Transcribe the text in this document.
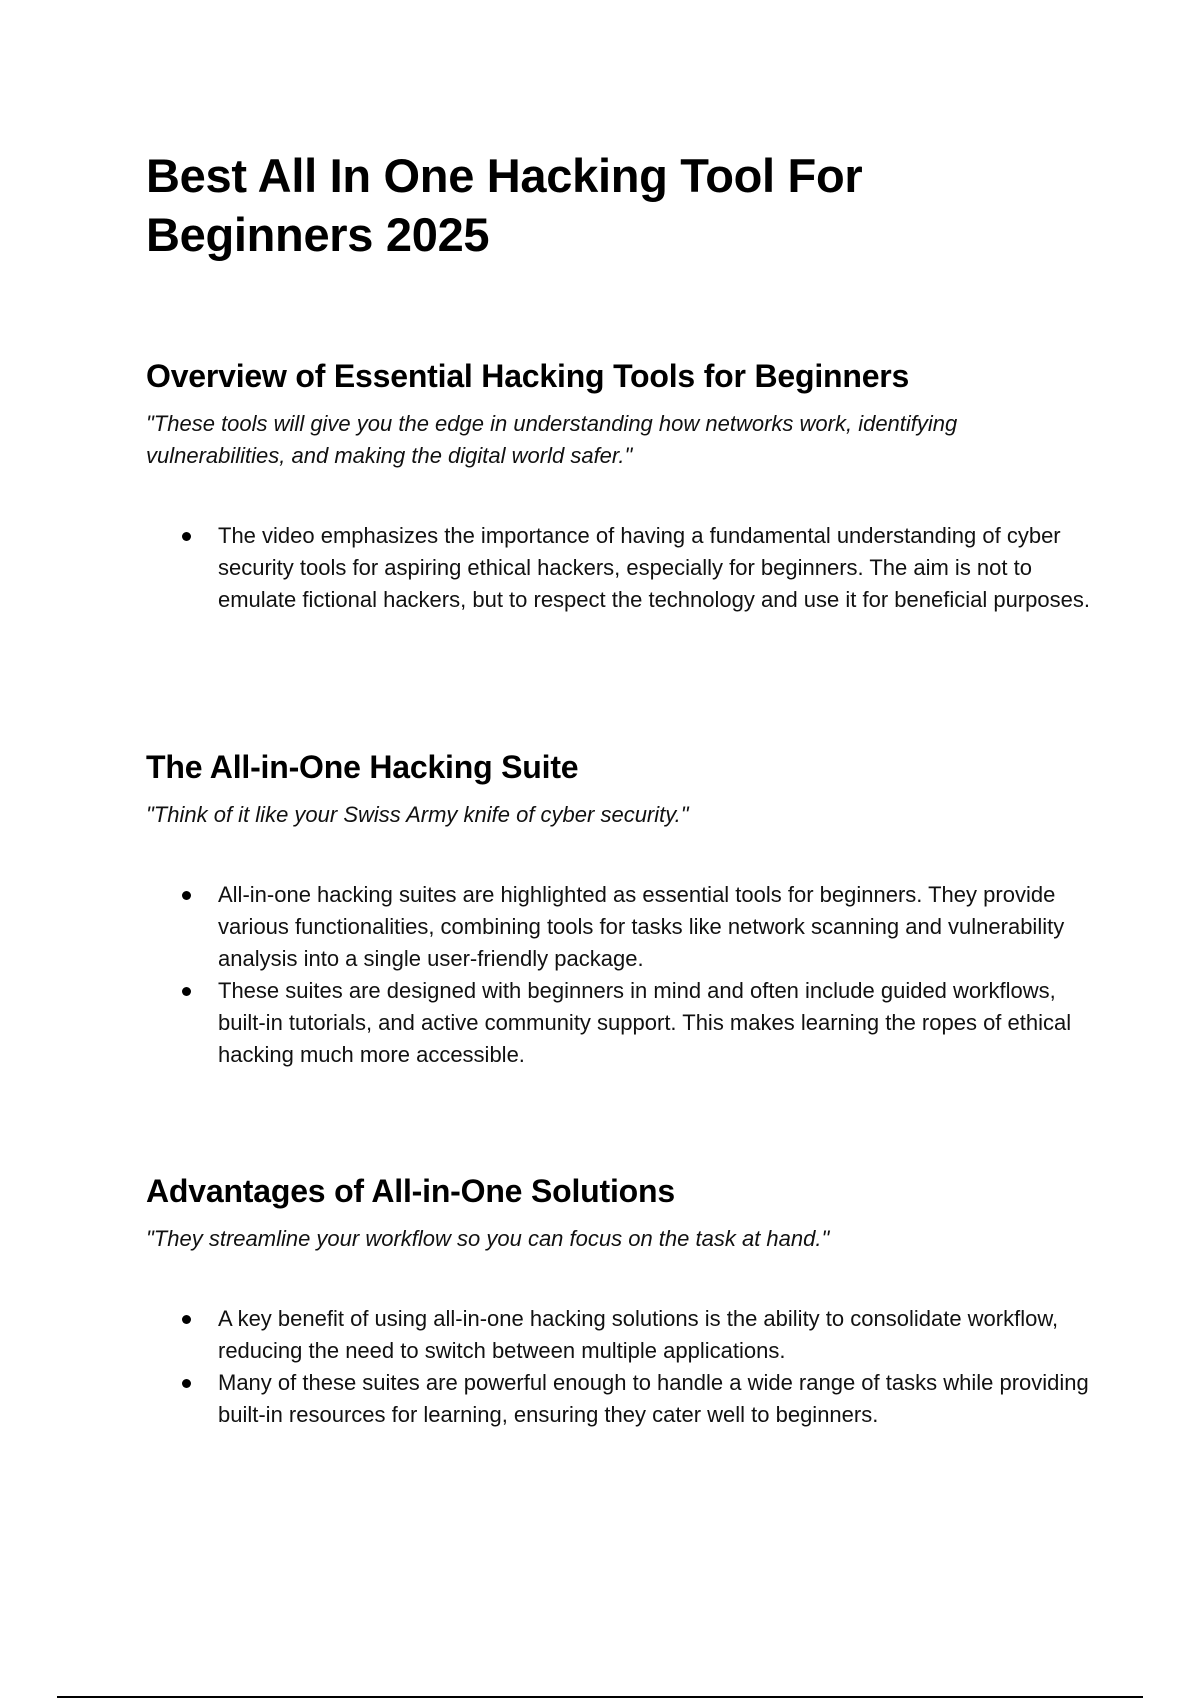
Best All In One Hacking Tool For Beginners 2025
Overview of Essential Hacking Tools for Beginners

"These tools will give you the edge in understanding how networks work, identifying vulnerabilities, and making the digital world safer."

The video emphasizes the importance of having a fundamental understanding of cyber security tools for aspiring ethical hackers, especially for beginners. The aim is not to emulate fictional hackers, but to respect the technology and use it for beneficial purposes.
The All-in-One Hacking Suite

"Think of it like your Swiss Army knife of cyber security."

All-in-one hacking suites are highlighted as essential tools for beginners. They provide various functionalities, combining tools for tasks like network scanning and vulnerability analysis into a single user-friendly package.
These suites are designed with beginners in mind and often include guided workflows, built-in tutorials, and active community support. This makes learning the ropes of ethical hacking much more accessible.
Advantages of All-in-One Solutions

"They streamline your workflow so you can focus on the task at hand."

A key benefit of using all-in-one hacking solutions is the ability to consolidate workflow, reducing the need to switch between multiple applications.
Many of these suites are powerful enough to handle a wide range of tasks while providing built-in resources for learning, ensuring they cater well to beginners.
